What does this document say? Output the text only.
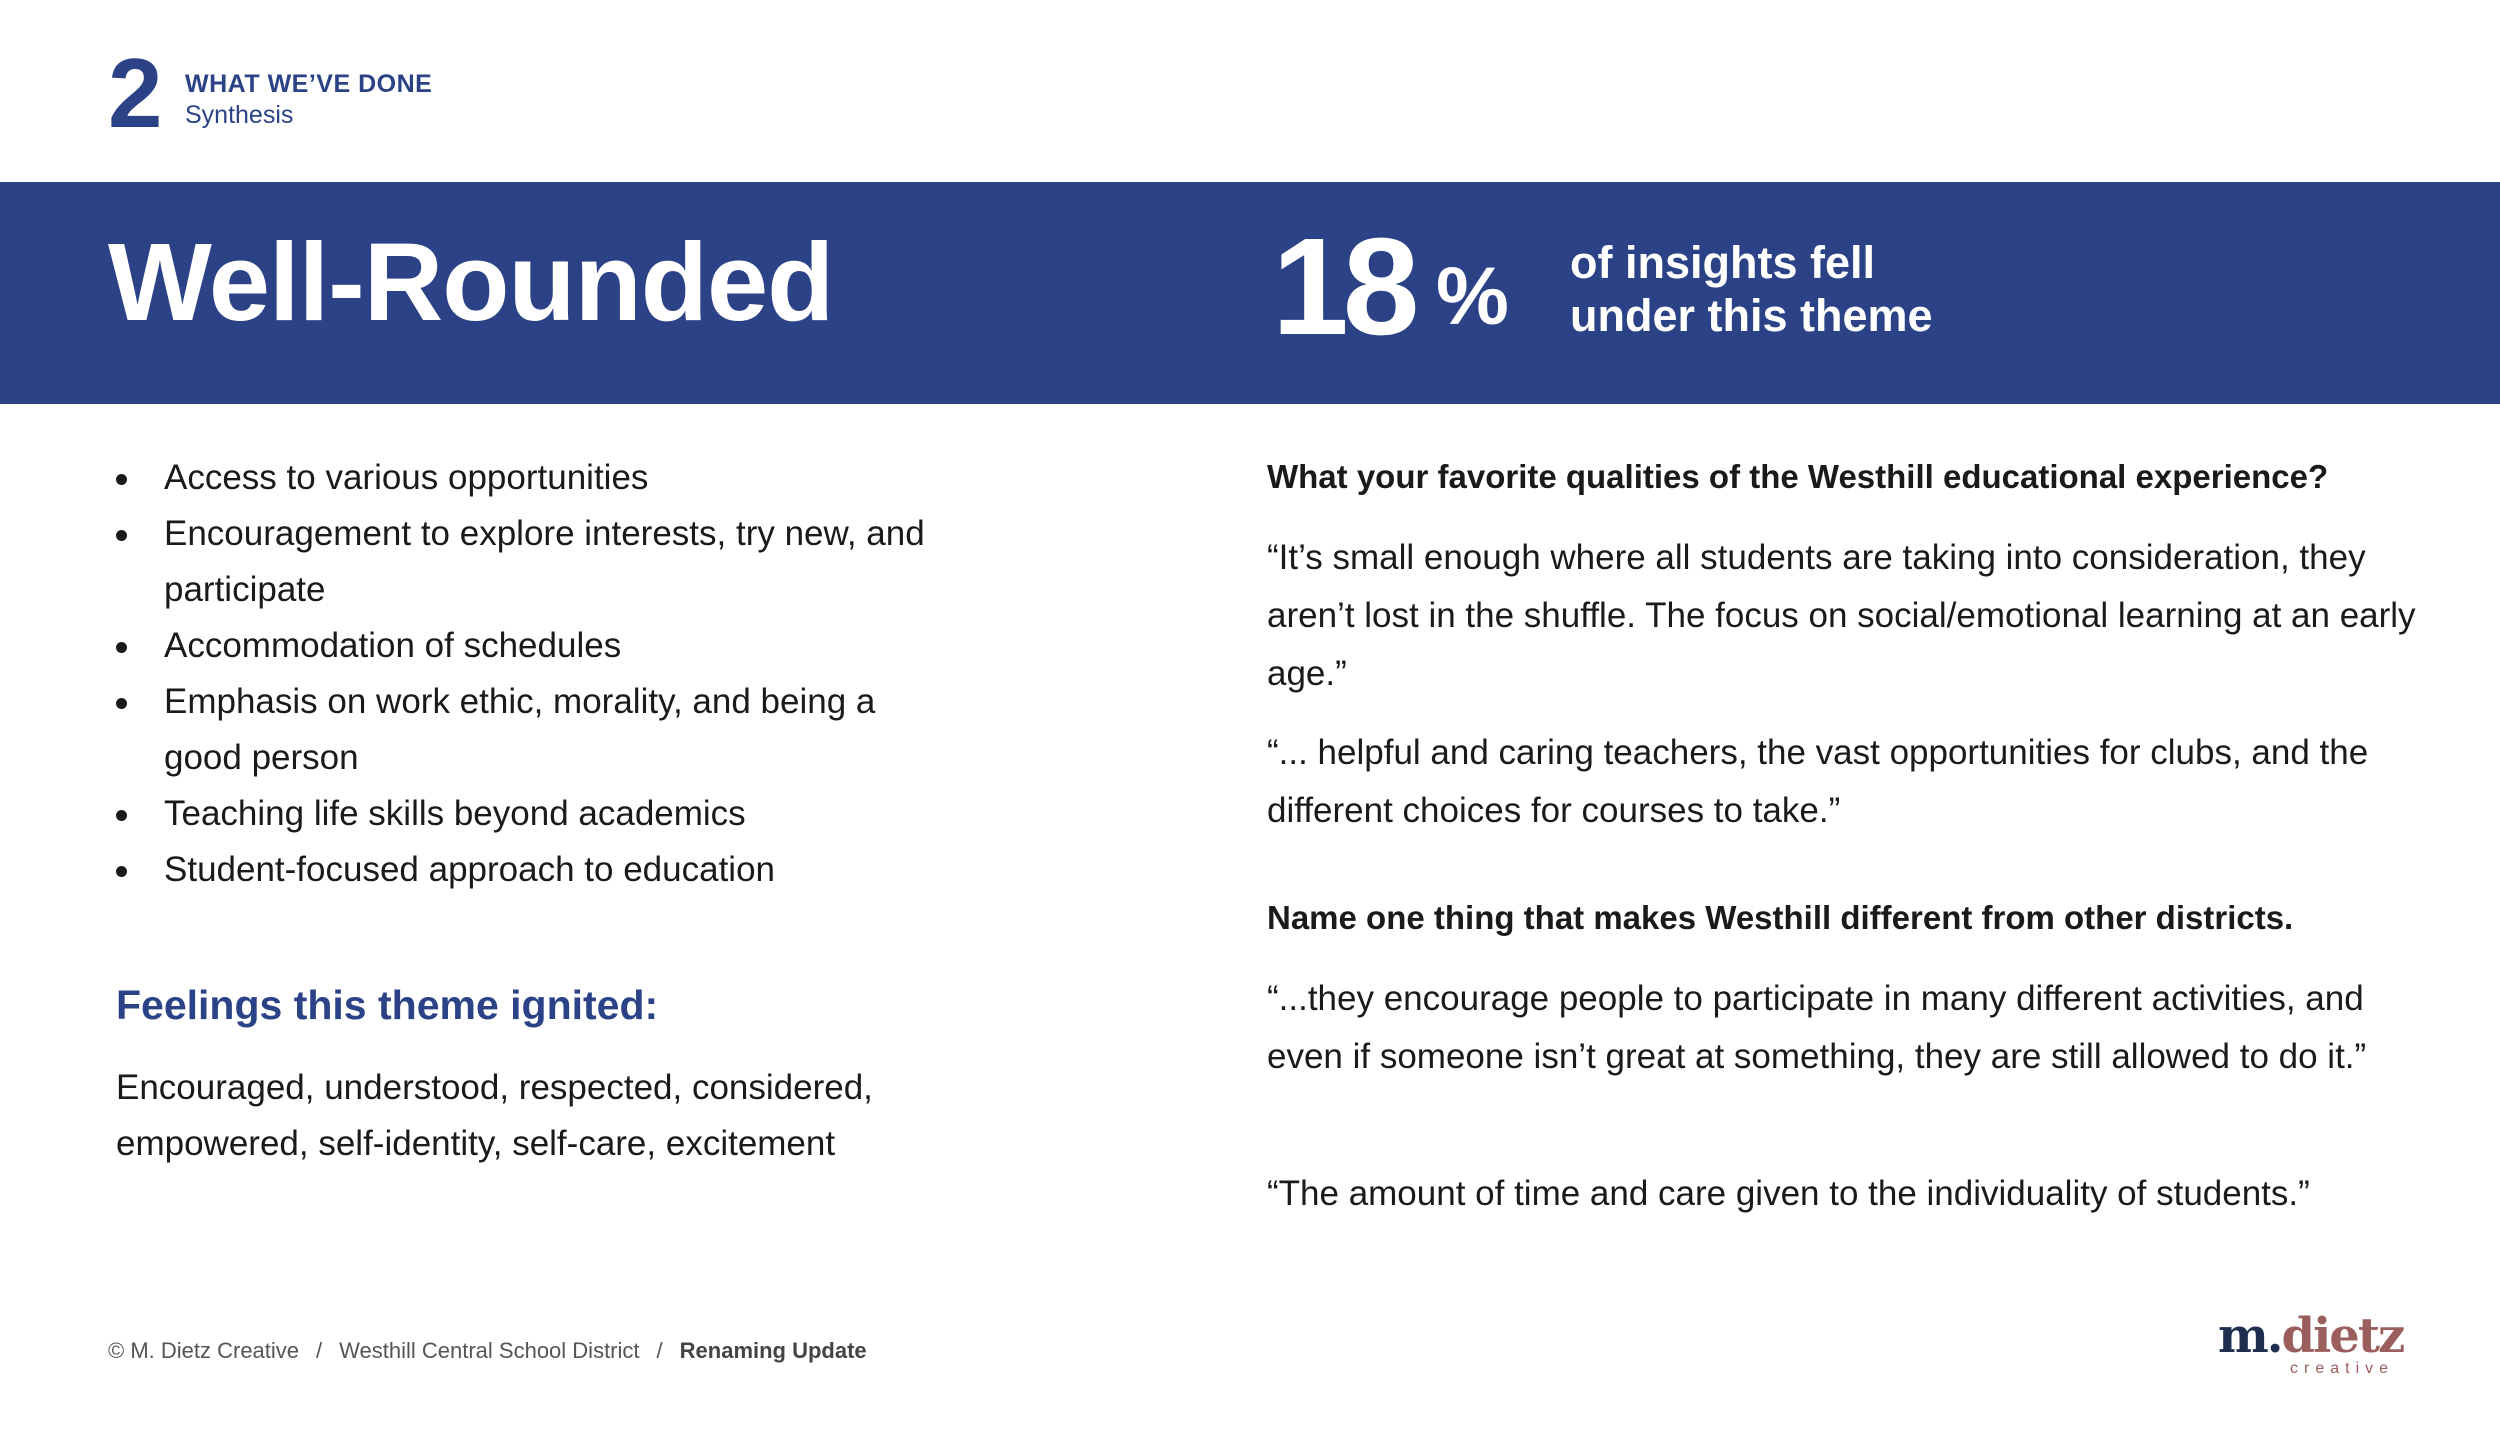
2 WHAT WE’VE DONE
Synthesis
Well-Rounded	18 % of insights fell
under this theme
Access to various opportunities
Encouragement to explore interests, try new, and participate
Accommodation of schedules
Emphasis on work ethic, morality, and being a good person
Teaching life skills beyond academics
Student-focused approach to education
Feelings this theme ignited:
Encouraged, understood, respected, considered, empowered, self-identity, self-care, excitement
What your favorite qualities of the Westhill educational experience?
“It’s small enough where all students are taking into consideration, they aren’t lost in the shuffle. The focus on social/emotional learning at an early age.”
“... helpful and caring teachers, the vast opportunities for clubs, and the different choices for courses to take.”
Name one thing that makes Westhill different from other districts.
“...they encourage people to participate in many different activities, and even if someone isn’t great at something, they are still allowed to do it.”
“The amount of time and care given to the individuality of students.”
© M. Dietz Creative / Westhill Central School District / Renaming Update	m.dietz
creative
